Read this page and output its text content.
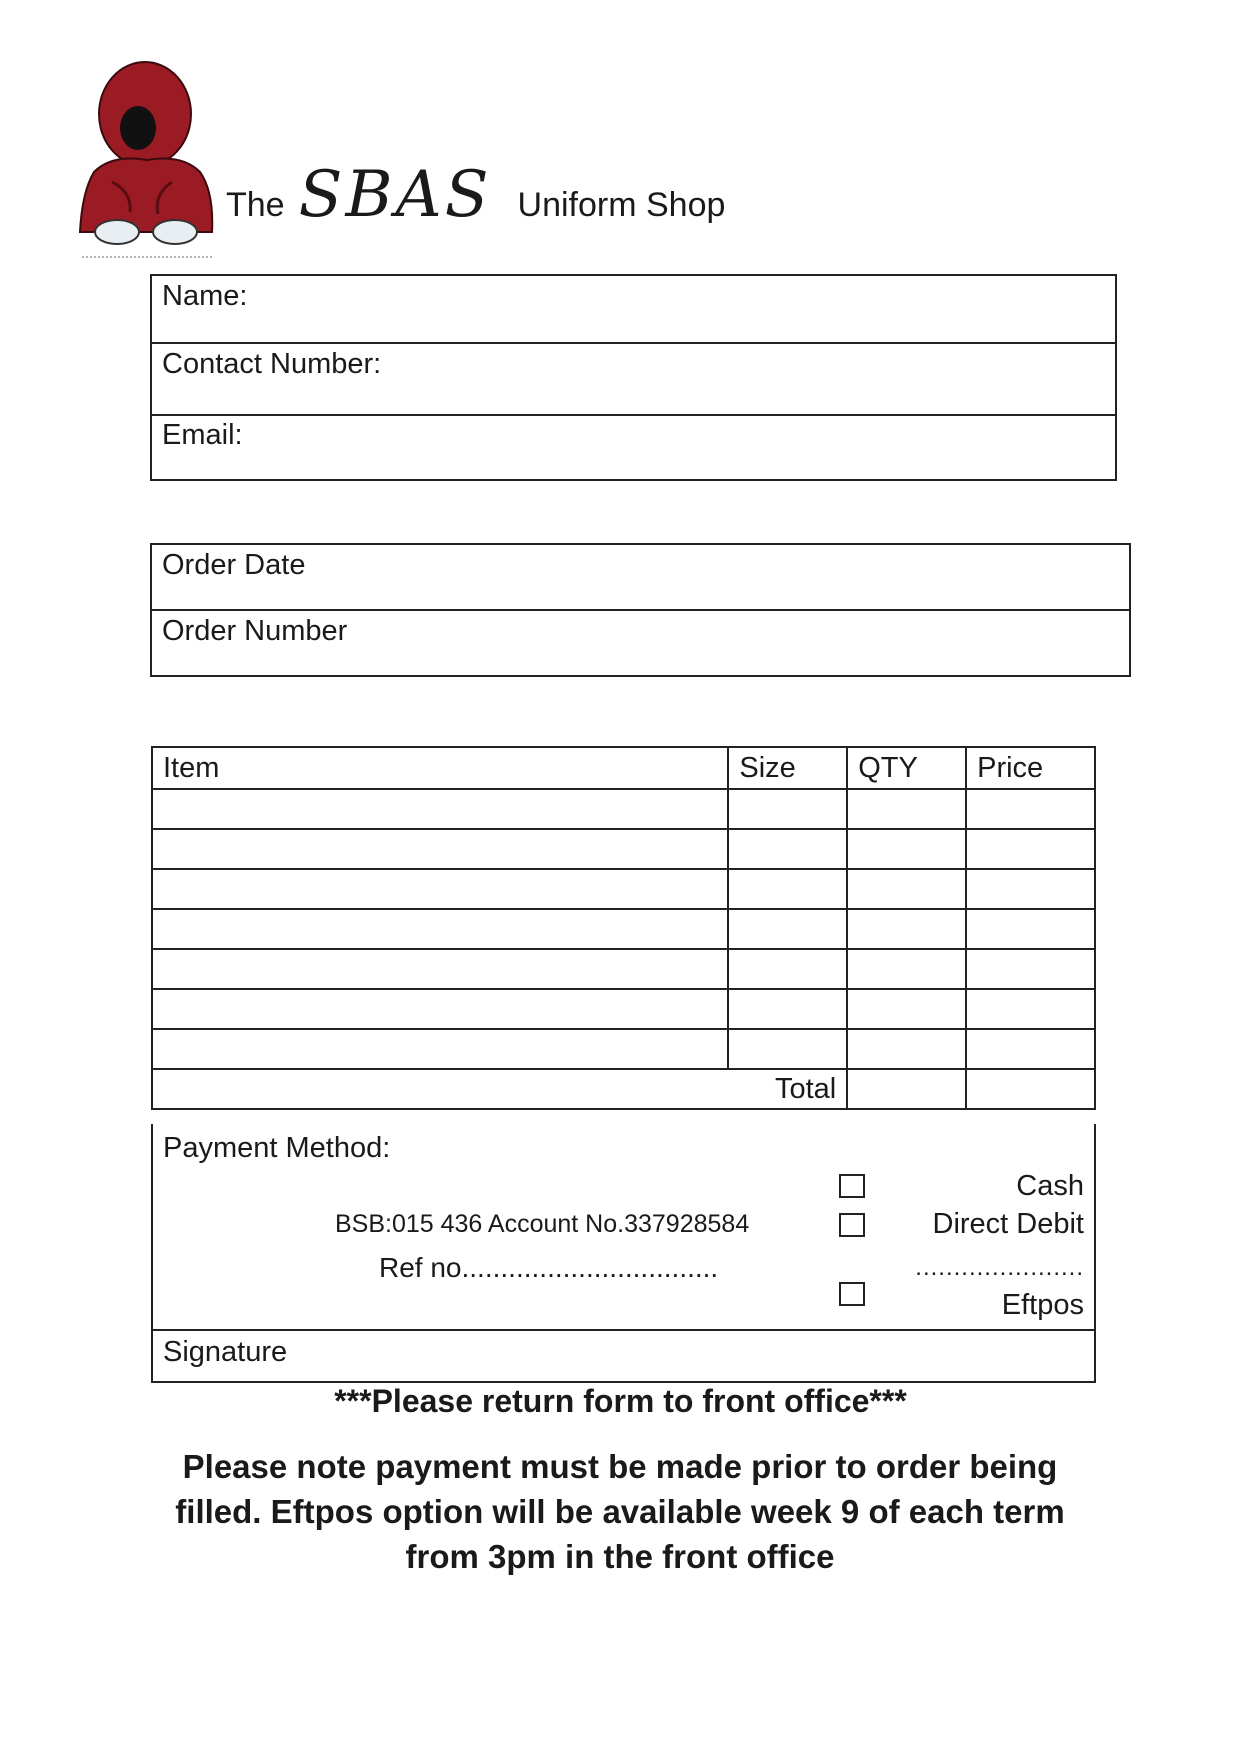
The SBAS Uniform Shop
Name:
Contact Number:
Email:
Order Date
Order Number
Item	Size	QTY	Price

Total			
Payment Method:
BSB:015 436 Account No.337928584
Ref no.................................
Cash
Direct Debit
......................
Eftpos
Signature
***Please return form to front office***
Please note payment must be made prior to order being filled. Eftpos option will be available week 9 of each term from 3pm in the front office
